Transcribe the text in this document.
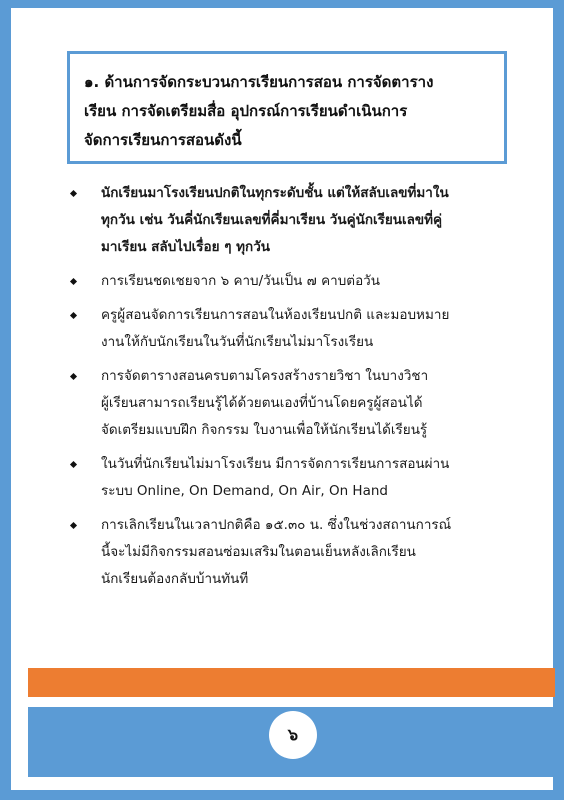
๑. ด้านการจัดกระบวนการเรียนการสอน การจัดตาราง
เรียน การจัดเตรียมสื่อ อุปกรณ์การเรียนดำเนินการ
จัดการเรียนการสอนดังนี้
นักเรียนมาโรงเรียนปกติในทุกระดับชั้น แต่ให้สลับเลขที่มาใน
ทุกวัน เช่น วันคี่นักเรียนเลขที่คี่มาเรียน วันคู่นักเรียนเลขที่คู่
มาเรียน สลับไปเรื่อย ๆ ทุกวัน
การเรียนชดเชยจาก ๖ คาบ/วันเป็น ๗ คาบต่อวัน
ครูผู้สอนจัดการเรียนการสอนในห้องเรียนปกติ และมอบหมาย
งานให้กับนักเรียนในวันที่นักเรียนไม่มาโรงเรียน
การจัดตารางสอนครบตามโครงสร้างรายวิชา ในบางวิชา
ผู้เรียนสามารถเรียนรู้ได้ด้วยตนเองที่บ้านโดยครูผู้สอนได้
จัดเตรียมแบบฝึก กิจกรรม ใบงานเพื่อให้นักเรียนได้เรียนรู้
ในวันที่นักเรียนไม่มาโรงเรียน มีการจัดการเรียนการสอนผ่าน
ระบบ Online, On Demand, On Air, On Hand
การเลิกเรียนในเวลาปกติคือ ๑๕.๓๐ น. ซึ่งในช่วงสถานการณ์
นี้จะไม่มีกิจกรรมสอนซ่อมเสริมในตอนเย็นหลังเลิกเรียน
นักเรียนต้องกลับบ้านทันที
๖
